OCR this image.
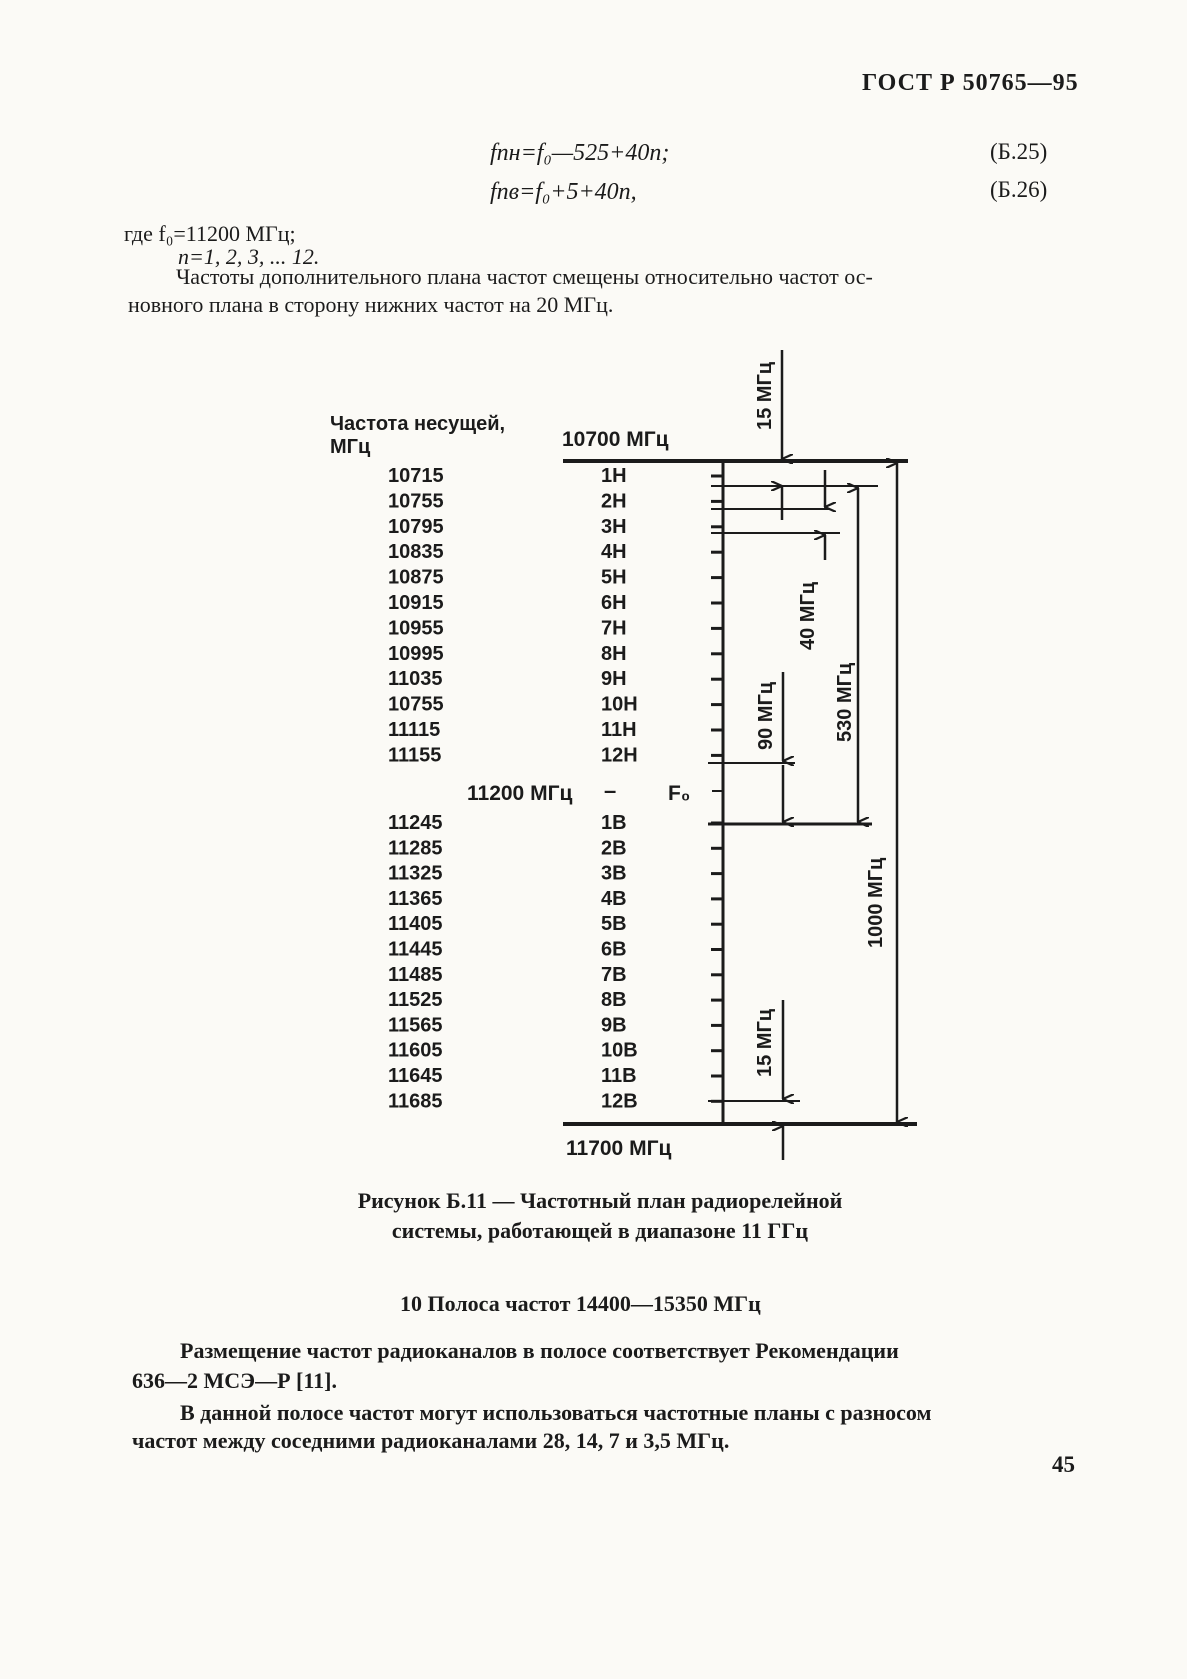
ГОСТ Р 50765—95
fпн=f₀—525+40n;	(Б.25)
fпв=f₀+5+40n,	(Б.26)
где f₀=11200 МГц;
n=1, 2, 3, ... 12.
Частоты дополнительного плана частот смещены относительно частот ос-
новного плана в сторону нижних частот на 20 МГц.
Частота несущей,
МГц	10700 МГц
11700 МГц
11200 МГц – F₀
10715	1Н
10755	2Н
10795	3Н
10835	4Н
10875	5Н
10915	6Н
10955	7Н
10995	8Н
11035	9Н
10755	10Н
11115	11Н
11155	12Н
11245	1В
11285	2В
11325	3В
11365	4В
11405	5В
11445	6В
11485	7В
11525	8В
11565	9В
11605	10В
11645	11В
11685	12В
15 МГц
40 МГц
90 МГц	530 МГц
1000 МГц
15 МГц
Рисунок Б.11 — Частотный план радиорелейной
системы, работающей в диапазоне 11 ГГц
10 Полоса частот 14400—15350 МГц
Размещение частот радиоканалов в полосе соответствует Рекомендации
636—2 МСЭ—Р [11].
В данной полосе частот могут использоваться частотные планы с разносом
частот между соседними радиоканалами 28, 14, 7 и 3,5 МГц.
45
